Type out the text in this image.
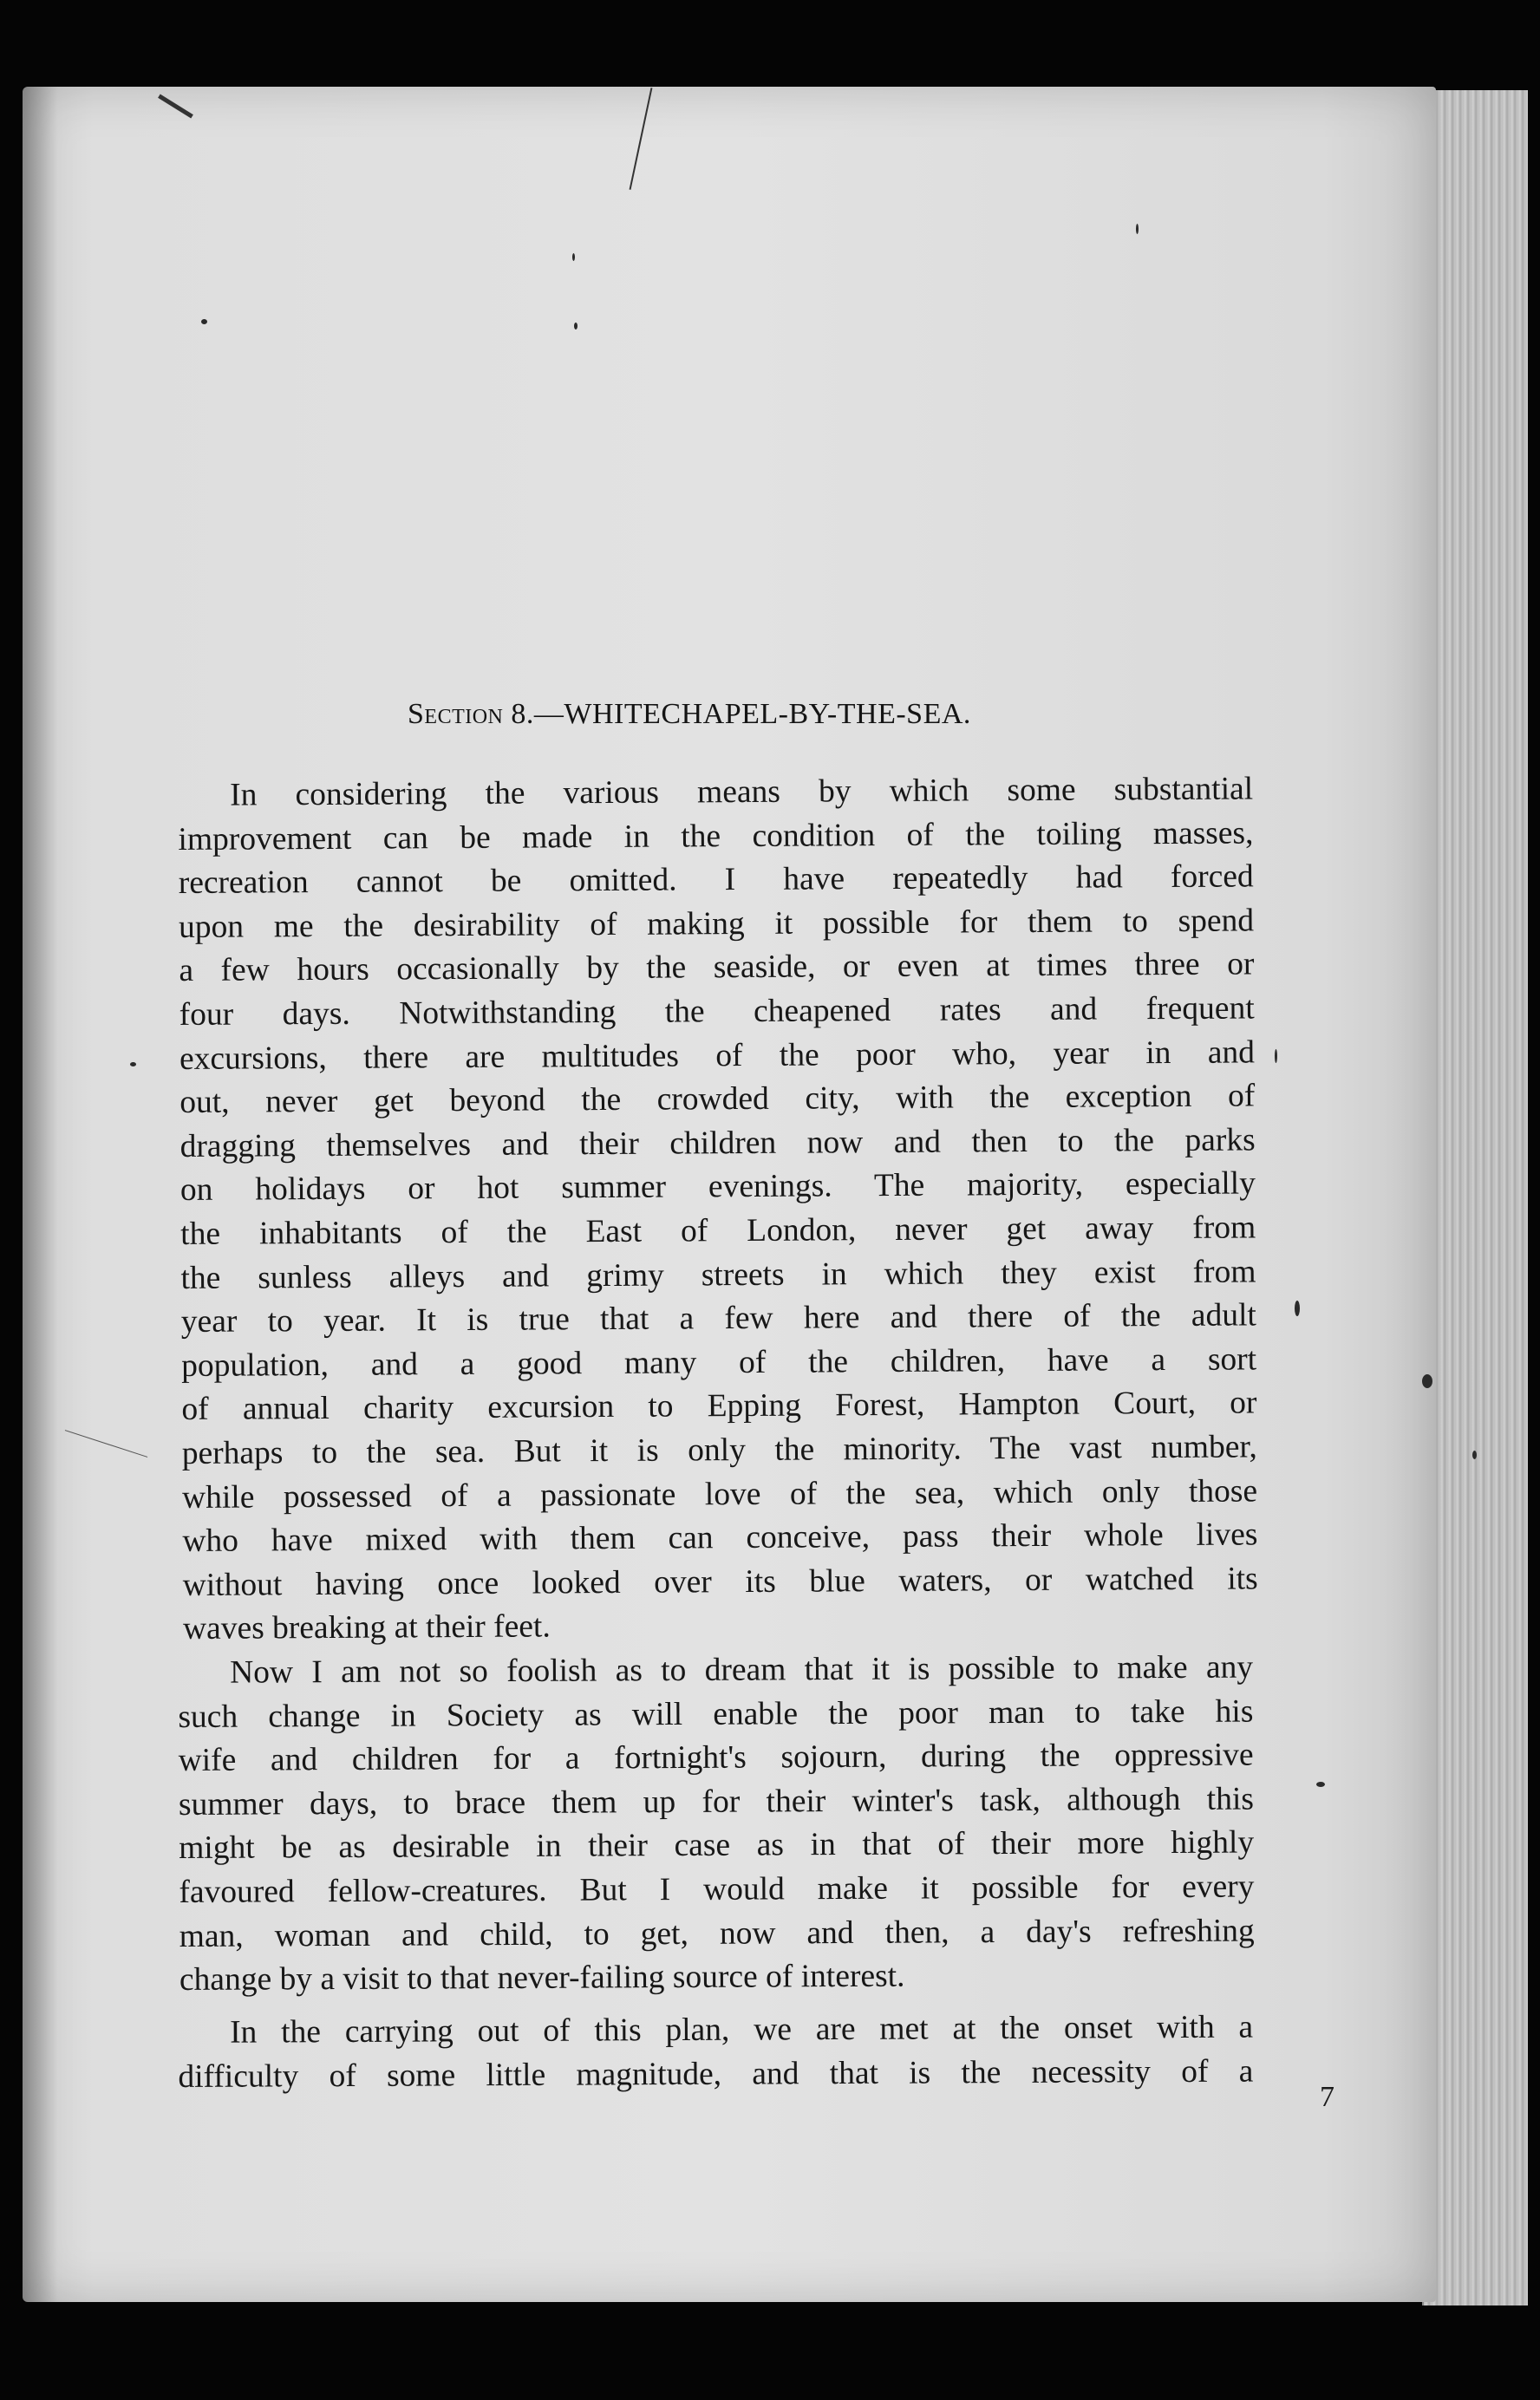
Section 8.—WHITECHAPEL-BY-THE-SEA.
In considering the various means by which some substantial
improvement can be made in the condition of the toiling masses,
recreation cannot be omitted. I have repeatedly had forced
upon me the desirability of making it possible for them to spend
a few hours occasionally by the seaside, or even at times three or
four days. Notwithstanding the cheapened rates and frequent
excursions, there are multitudes of the poor who, year in and
out, never get beyond the crowded city, with the exception of
dragging themselves and their children now and then to the parks
on holidays or hot summer evenings. The majority, especially
the inhabitants of the East of London, never get away from
the sunless alleys and grimy streets in which they exist from
year to year. It is true that a few here and there of the adult
population, and a good many of the children, have a sort
of annual charity excursion to Epping Forest, Hampton Court, or
perhaps to the sea. But it is only the minority. The vast number,
while possessed of a passionate love of the sea, which only those
who have mixed with them can conceive, pass their whole lives
without having once looked over its blue waters, or watched its
waves breaking at their feet.
Now I am not so foolish as to dream that it is possible to make any
such change in Society as will enable the poor man to take his
wife and children for a fortnight's sojourn, during the oppressive
summer days, to brace them up for their winter's task, although this
might be as desirable in their case as in that of their more highly
favoured fellow-creatures. But I would make it possible for every
man, woman and child, to get, now and then, a day's refreshing
change by a visit to that never-failing source of interest.
In the carrying out of this plan, we are met at the onset with a
difficulty of some little magnitude, and that is the necessity of a
7
